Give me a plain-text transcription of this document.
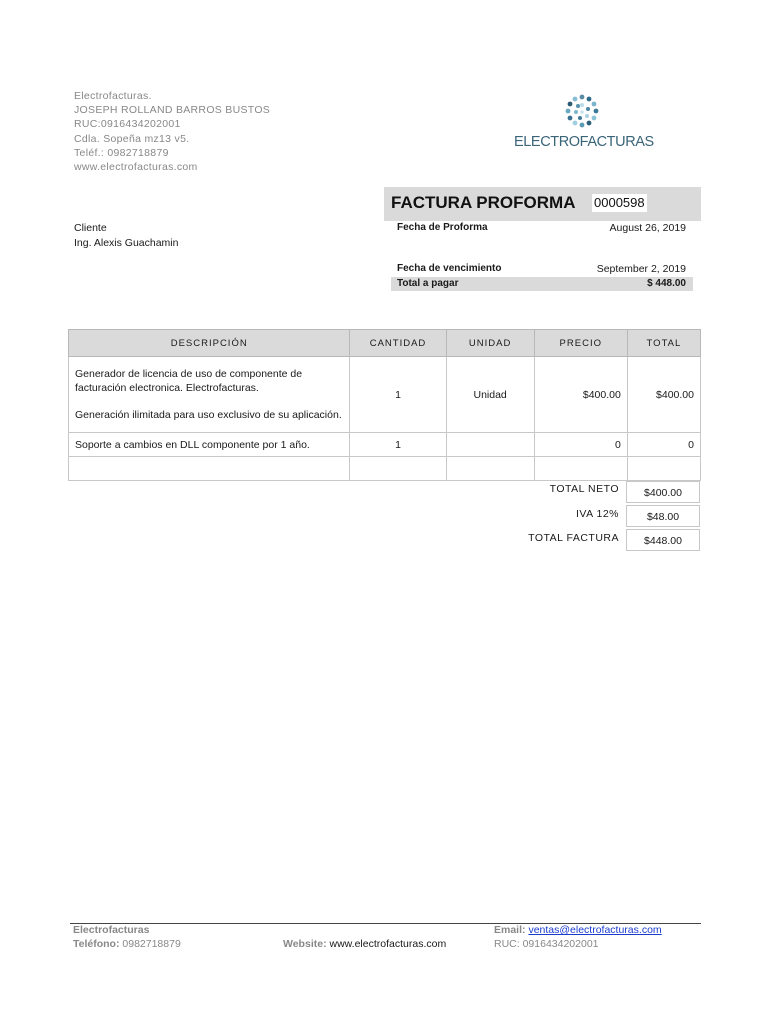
Electrofacturas.
JOSEPH ROLLAND BARROS BUSTOS
RUC:0916434202001
Cdla. Sopeña mz13 v5.
Teléf.: 0982718879
www.electrofacturas.com
ELECTROFACTURAS
FACTURA PROFORMA 0000598
Cliente
Ing. Alexis Guachamin
Fecha de Proforma	August 26, 2019
Fecha de vencimiento	September 2, 2019
Total a pagar	$ 448.00
DESCRIPCIÓN	CANTIDAD	UNIDAD	PRECIO	TOTAL

Generador de licencia de uso de componente de facturación electronica. Electrofacturas.
Generación ilimitada para uso exclusivo de su aplicación.	1	Unidad	$400.00	$400.00
Soporte a cambios en DLL componente por 1 año.	1		0	0

TOTAL NETO	$400.00
IVA 12%	$48.00
TOTAL FACTURA	$448.00
Electrofacturas
Teléfono: 0982718879	Website: www.electrofacturas.com
Email: ventas@electrofacturas.com
RUC: 0916434202001
